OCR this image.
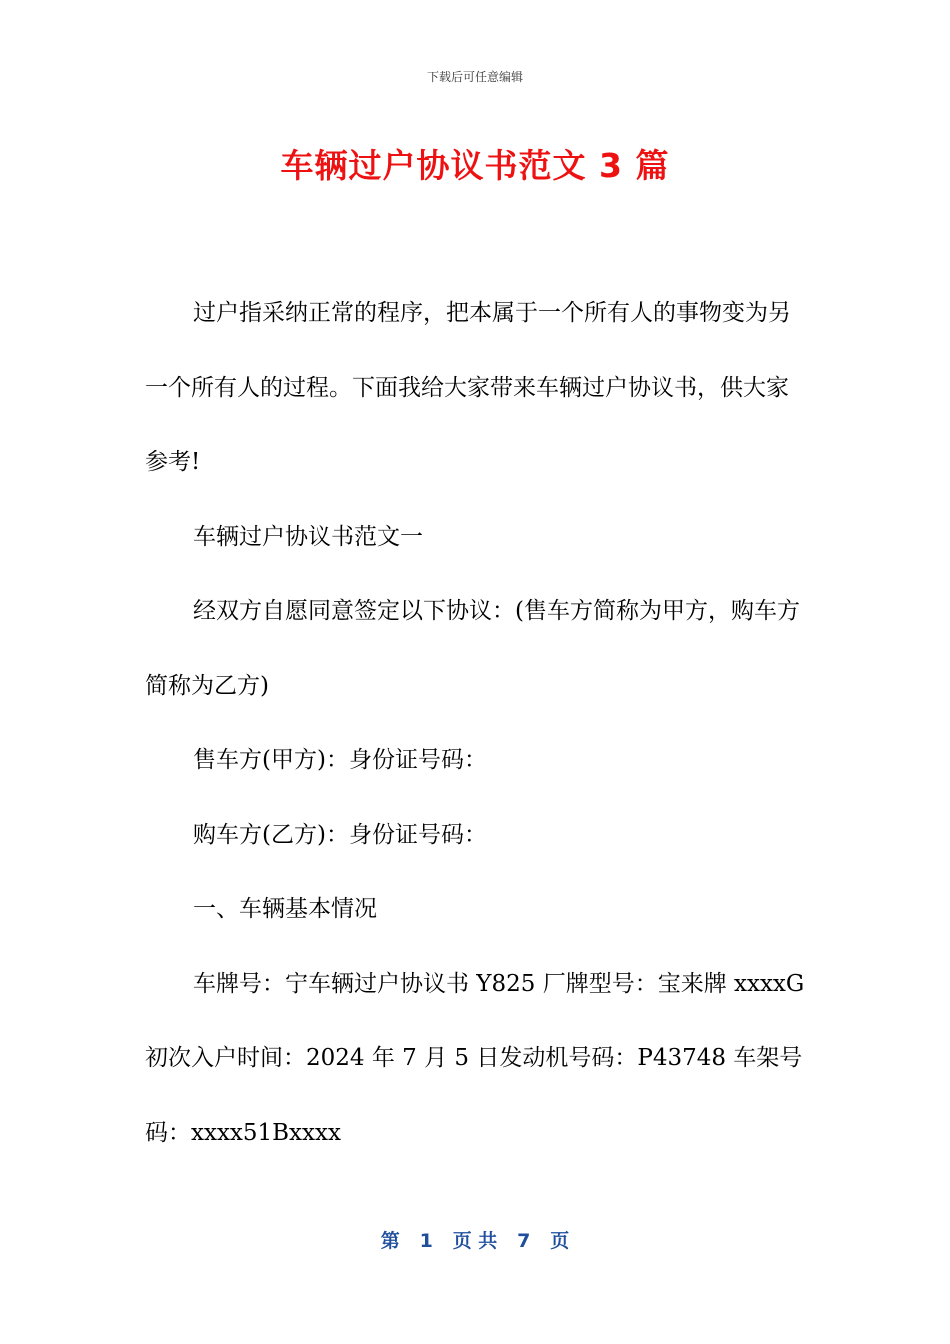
下载后可任意编辑
车辆过户协议书范文 3 篇

过户指采纳正常的程序，把本属于一个所有人的事物变为另一个所有人的过程。下面我给大家带来车辆过户协议书，供大家参考!

车辆过户协议书范文一

经双方自愿同意签定以下协议：(售车方简称为甲方，购车方简称为乙方)

售车方(甲方)：身份证号码：

购车方(乙方)：身份证号码：

一、车辆基本情况

车牌号：宁车辆过户协议书 Y825 厂牌型号：宝来牌 xxxxG 初次入户时间：2024 年 7 月 5 日发动机号码：P43748 车架号码：xxxx51Bxxxx

第 1 页 共 7 页
